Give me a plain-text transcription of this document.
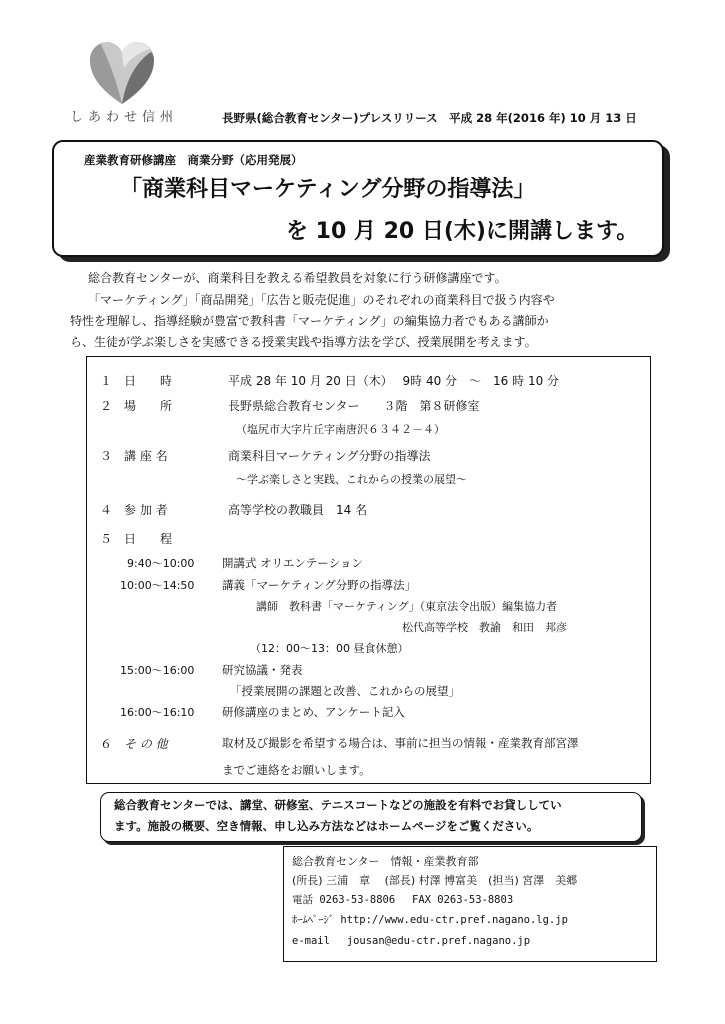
しあわせ信州	長野県(総合教育センター)プレスリリース　平成 28 年(2016 年) 10 月 13 日
産業教育研修講座　商業分野（応用発展）
「商業科目マーケティング分野の指導法」
を 10 月 20 日(木)に開講します。
総合教育センターが、商業科目を教える希望教員を対象に行う研修講座です。
「マーケティング」「商品開発」「広告と販売促進」のそれぞれの商業科目で扱う内容や
特性を理解し、指導経験が豊富で教科書「マーケティング」の編集協力者でもある講師か
ら、生徒が学ぶ楽しさを実感できる授業実践や指導方法を学び、授業展開を考えます。
１ 日　　時	平成 28 年 10 月 20 日（木）　 9時 40 分　～　16 時 10 分
２ 場　　所	長野県総合教育センター　　３階　第８研修室
（塩尻市大字片丘字南唐沢６３４２－４）
３ 講 座 名	商業科目マーケティング分野の指導法
～学ぶ楽しさと実践、これからの授業の展望～
４ 参 加 者	高等学校の教職員　14 名
５ 日　　程
9:40～10:00 開講式 オリエンテーション
10:00～14:50 講義「マーケティング分野の指導法」
講師　教科書「マーケティング」（東京法令出版）編集協力者
松代高等学校　教諭　和田　邦彦
（12：00～13：00 昼食休憩）
15:00～16:00 研究協議・発表
「授業展開の課題と改善、これからの展望」
16:00～16:10 研修講座のまとめ、アンケート記入
６ そ の 他	取材及び撮影を希望する場合は、事前に担当の情報・産業教育部宮澤
までご連絡をお願いします。
総合教育センターでは、講堂、研修室、テニスコートなどの施設を有料でお貸ししてい
ます。施設の概要、空き情報、申し込み方法などはホームページをご覧ください。
総合教育センター　情報・産業教育部
(所長) 三浦　章　 (部長) 村澤 博富美　(担当) 宮澤　美郷
電話 0263-53-8806　 FAX 0263-53-8803
ﾎｰﾑﾍﾟｰｼﾞ http://www.edu-ctr.pref.nagano.lg.jp
e-mail　 jousan@edu-ctr.pref.nagano.jp
